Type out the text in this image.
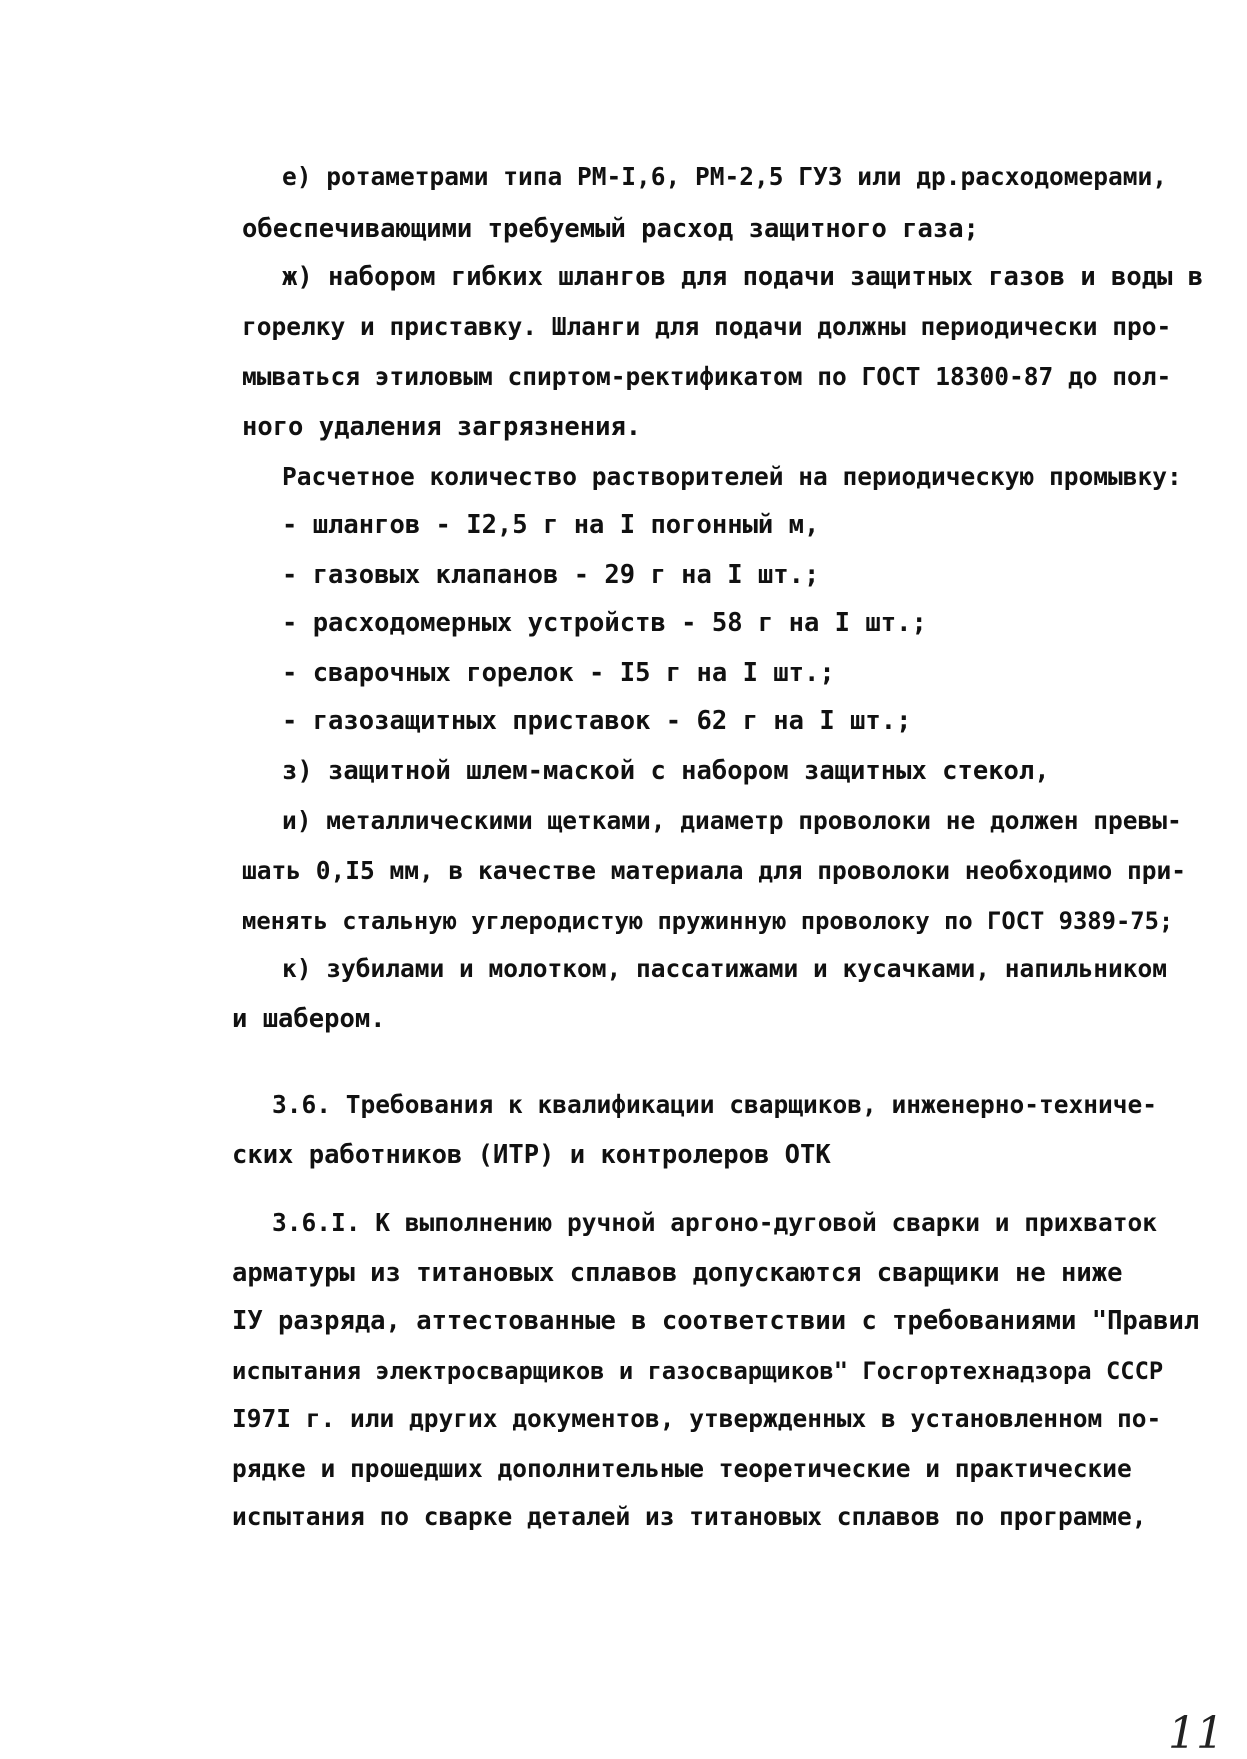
е) ротаметрами типа РМ-I,6, РМ-2,5 ГУЗ или др.расходомерами,
обеспечивающими требуемый расход защитного газа;
ж) набором гибких шлангов для подачи защитных газов и воды в
горелку и приставку. Шланги для подачи должны периодически про-
мываться этиловым спиртом-ректификатом по ГОСТ 18300-87 до пол-
ного удаления загрязнения.
Расчетное количество растворителей на периодическую промывку:
- шлангов - I2,5 г на I погонный м,
- газовых клапанов - 29 г на I шт.;
- расходомерных устройств - 58 г на I шт.;
- сварочных горелок - I5 г на I шт.;
- газозащитных приставок - 62 г на I шт.;
з) защитной шлем-маской с набором защитных стекол,
и) металлическими щетками, диаметр проволоки не должен превы-
шать 0,I5 мм, в качестве материала для проволоки необходимо при-
менять стальную углеродистую пружинную проволоку по ГОСТ 9389-75;
к) зубилами и молотком, пассатижами и кусачками, напильником
и шабером.
3.6. Требования к квалификации сварщиков, инженерно-техниче-
ских работников (ИТР) и контролеров ОТК
3.6.I. К выполнению ручной аргоно-дуговой сварки и прихваток
арматуры из титановых сплавов допускаются сварщики не ниже
IУ разряда, аттестованные в соответствии с требованиями "Правил
испытания электросварщиков и газосварщиков" Госгортехнадзора СССР
I97I г. или других документов, утвержденных в установленном по-
рядке и прошедших дополнительные теоретические и практические
испытания по сварке деталей из титановых сплавов по программе,
11
